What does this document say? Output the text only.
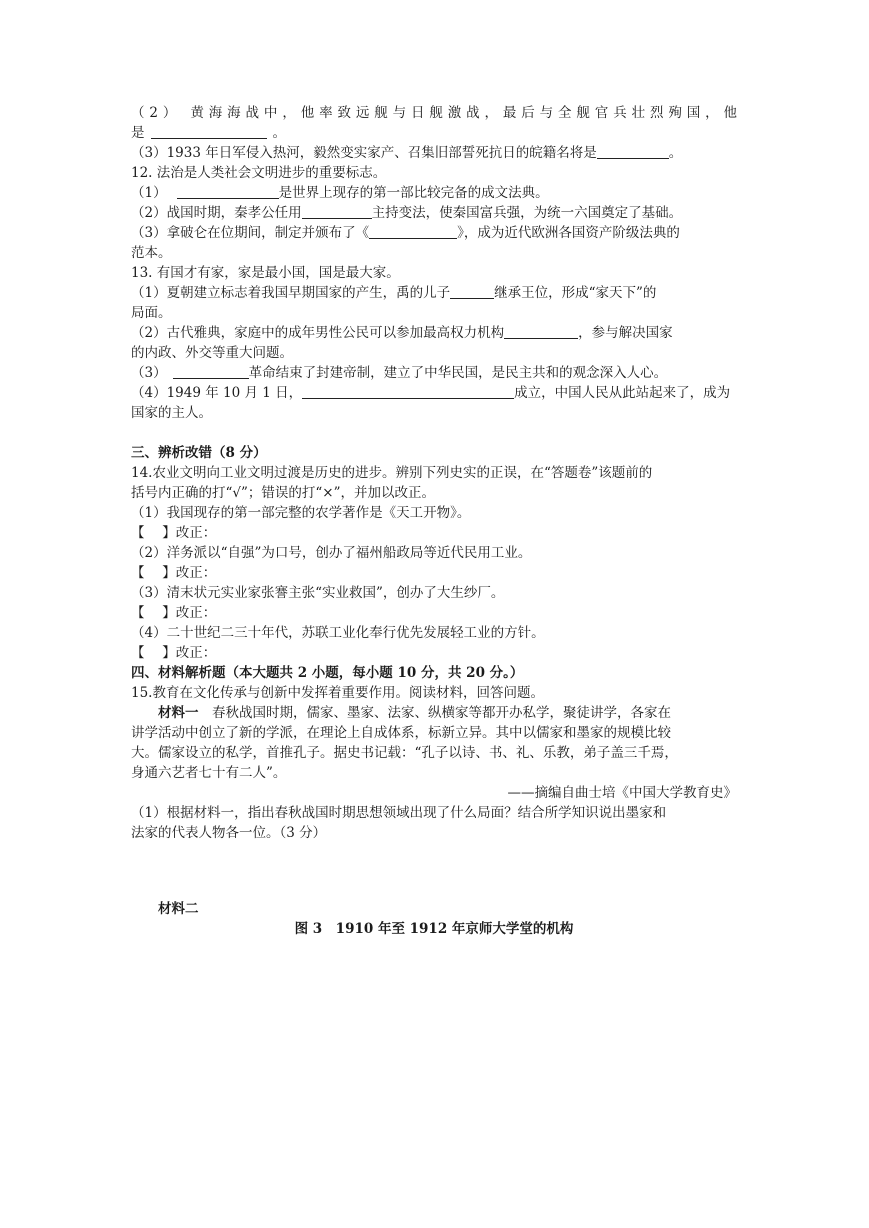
（2） 黄海海战中，他率致远舰与日舰激战，最后与全舰官兵壮烈殉国，他
是	。
（3）1933 年日军侵入热河，毅然变实家产、召集旧部誓死抗日的皖籍名将是	。
12. 法治是人类社会文明进步的重要标志。
（1）	是世界上现存的第一部比较完备的成文法典。
（2）战国时期，秦孝公任用	主持变法，使秦国富兵强，为统一六国奠定了基础。
（3）拿破仑在位期间，制定并颁布了《	》，成为近代欧洲各国资产阶级法典的
范本。
13. 有国才有家，家是最小国，国是最大家。
（1）夏朝建立标志着我国早期国家的产生，禹的儿子	继承王位，形成“家天下”的
局面。
（2）古代雅典，家庭中的成年男性公民可以参加最高权力机构	，参与解决国家
的内政、外交等重大问题。
（3）	革命结束了封建帝制，建立了中华民国，是民主共和的观念深入人心。
（4）1949 年 10 月 1 日，	成立，中国人民从此站起来了，成为
国家的主人。
三、辨析改错（8 分）
14.农业文明向工业文明过渡是历史的进步。辨别下列史实的正误，在“答题卷”该题前的
括号内正确的打“√”；错误的打“×”，并加以改正。
（1）我国现存的第一部完整的农学著作是《天工开物》。
【　 】改正：
（2）洋务派以“自强”为口号，创办了福州船政局等近代民用工业。
【　 】改正：
（3）清末状元实业家张謇主张“实业救国”，创办了大生纱厂。
【　 】改正：
（4）二十世纪二三十年代，苏联工业化奉行优先发展轻工业的方针。
【　 】改正：
四、材料解析题（本大题共 2 小题，每小题 10 分，共 20 分。）
15.教育在文化传承与创新中发挥着重要作用。阅读材料，回答问题。
材料一　春秋战国时期，儒家、墨家、法家、纵横家等都开办私学，聚徒讲学，各家在
讲学活动中创立了新的学派，在理论上自成体系，标新立异。其中以儒家和墨家的规模比较
大。儒家设立的私学，首推孔子。据史书记载：“孔子以诗、书、礼、乐教，弟子盖三千焉，
身通六艺者七十有二人”。
——摘编自曲士培《中国大学教育史》
（1）根据材料一，指出春秋战国时期思想领域出现了什么局面？结合所学知识说出墨家和
法家的代表人物各一位。（3 分）
材料二
图 3　1910 年至 1912 年京师大学堂的机构
